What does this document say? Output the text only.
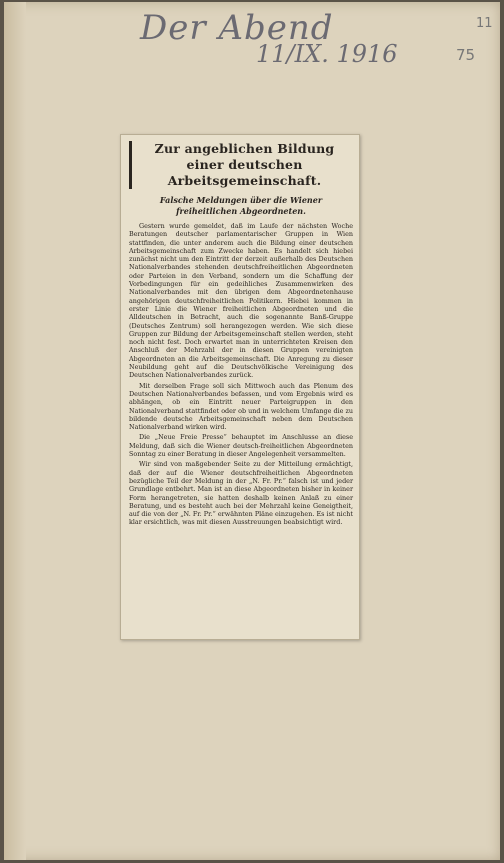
Der Abend
11/IX. 1916
11
75
Zur angeblichen Bildung einer deutschen Arbeitsgemeinschaft.
Falsche Meldungen über die Wiener freiheitlichen Abgeordneten.

Gestern wurde gemeldet, daß im Laufe der nächsten Woche Beratungen deutscher parlamentarischer Gruppen in Wien stattfinden, die unter anderem auch die Bildung einer deutschen Arbeitsgemeinschaft zum Zwecke haben. Es handelt sich hiebei zunächst nicht um den Eintritt der derzeit außerhalb des Deutschen Nationalverbandes stehenden deutschfreiheitlichen Abgeordneten oder Parteien in den Verband, sondern um die Schaffung der Vorbedingungen für ein gedeihliches Zusammenwirken des Nationalverbandes mit den übrigen dem Abgeordnetenhause angehörigen deutschfreiheitlichen Politikern. Hiebei kommen in erster Linie die Wiener freiheitlichen Abgeordneten und die Alldeutschen in Betracht, auch die sogenannte Banß-Gruppe (Deutsches Zentrum) soll herangezogen werden. Wie sich diese Gruppen zur Bildung der Arbeitsgemeinschaft stellen werden, steht noch nicht fest. Doch erwartet man in unterrichteten Kreisen den Anschluß der Mehrzahl der in diesen Gruppen vereinigten Abgeordneten an die Arbeitsgemeinschaft. Die Anregung zu dieser Neubildung geht auf die Deutschvölkische Vereinigung des Deutschen Nationalverbandes zurück.

Mit derselben Frage soll sich Mittwoch auch das Plenum des Deutschen Nationalverbandes befassen, und vom Ergebnis wird es abhängen, ob ein Eintritt neuer Parteigruppen in den Nationalverband stattfindet oder ob und in welchem Umfange die zu bildende deutsche Arbeitsgemeinschaft neben dem Deutschen Nationalverband wirken wird.

Die „Neue Freie Presse“ behauptet im Anschlusse an diese Meldung, daß sich die Wiener deutsch-freiheitlichen Abgeordneten Sonntag zu einer Beratung in dieser Angelegenheit versammelten.

Wir sind von maßgebender Seite zu der Mitteilung ermächtigt, daß der auf die Wiener deutschfreiheitlichen Abgeordneten bezügliche Teil der Meldung in der „N. Fr. Pr.“ falsch ist und jeder Grundlage entbehrt. Man ist an diese Abgeordneten bisher in keiner Form herangetreten, sie hatten deshalb keinen Anlaß zu einer Beratung, und es besteht auch bei der Mehrzahl keine Geneigtheit, auf die von der „N. Fr. Pr.“ erwähnten Pläne einzugehen. Es ist nicht klar ersichtlich, was mit diesen Ausstreuungen beabsichtigt wird.
